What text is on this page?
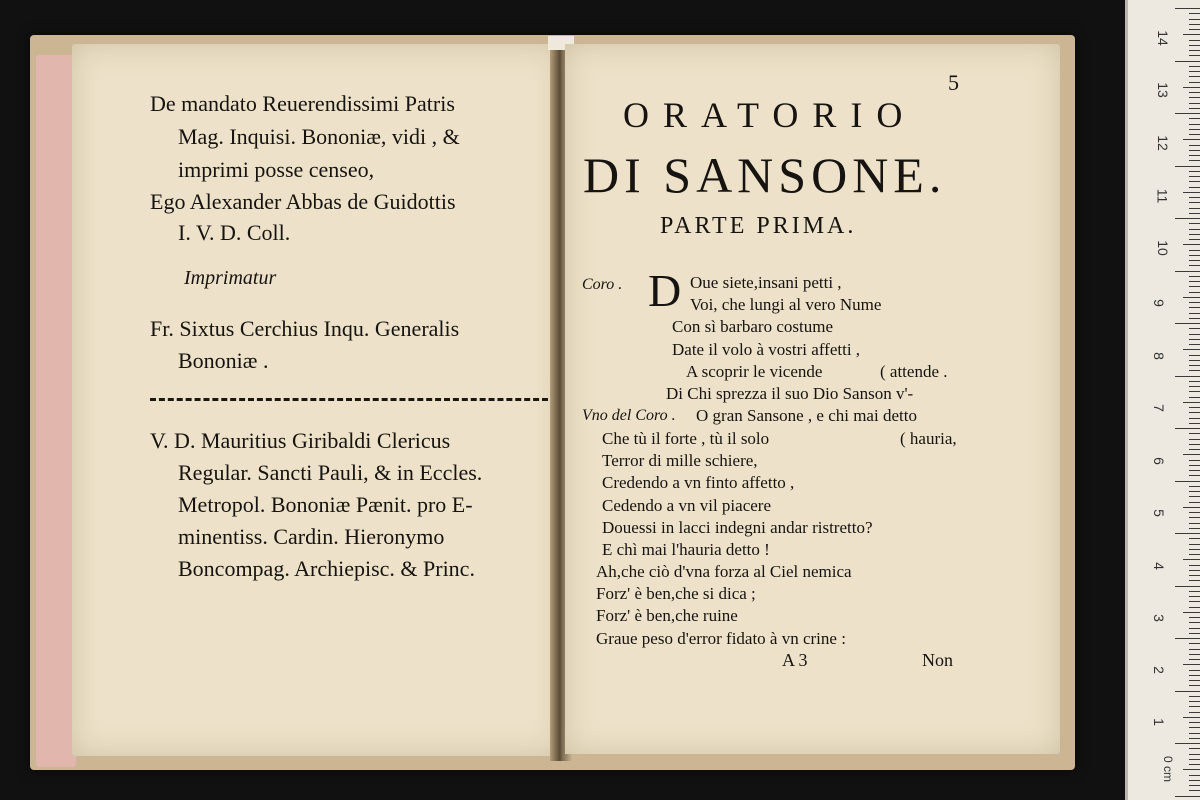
De mandato Reuerendissimi Patris
Mag. Inquisi. Bononiæ, vidi , &
imprimi posse censeo,
Ego Alexander Abbas de Guidottis
I. V. D. Coll.
Imprimatur
Fr. Sixtus Cerchius Inqu. Generalis
Bononiæ .
V. D. Mauritius Giribaldi Clericus
Regular. Sancti Pauli, & in Eccles.
Metropol. Bononiæ Pænit. pro E-
minentiss. Cardin. Hieronymo
Boncompag. Archiepisc. & Princ.
5
ORATORIO
DI SANSONE.
PARTE PRIMA.
Coro . D Oue siete,insani petti ,
Voi, che lungi al vero Nume
Con sì barbaro costume
Date il volo à vostri affetti ,
A scoprir le vicende	( attende .
Di Chi sprezza il suo Dio Sanson v'-
Vno del Coro . O gran Sansone , e chi mai detto
Che tù il forte , tù il solo	( hauria,
Terror di mille schiere,
Credendo a vn finto affetto ,
Cedendo a vn vil piacere
Douessi in lacci indegni andar ristretto?
E chì mai l'hauria detto !
Ah,che ciò d'vna forza al Ciel nemica
Forz' è ben,che si dica ;
Forz' è ben,che ruine
Graue peso d'error fidato à vn crine :
A 3	Non
14
13
12
11
10
9
8
7
6
5
4
3
2
1
0 cm
